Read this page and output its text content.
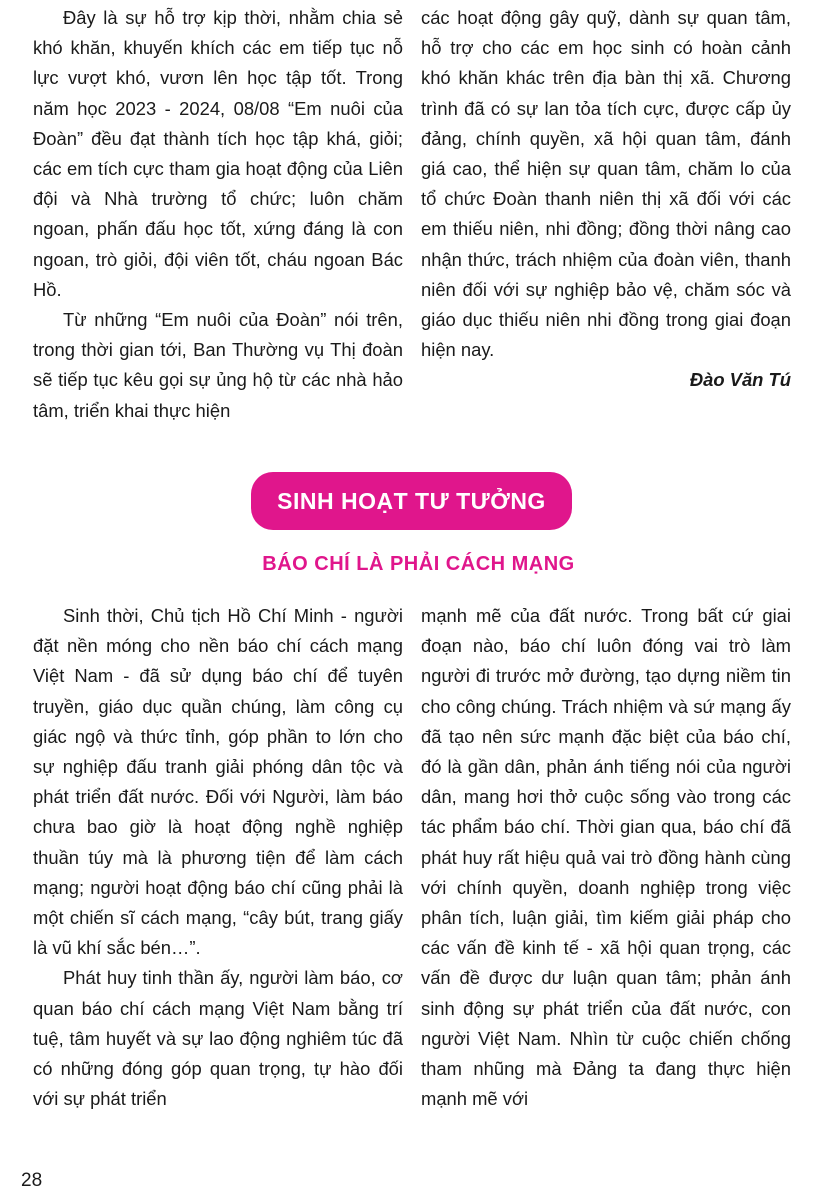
Đây là sự hỗ trợ kịp thời, nhằm chia sẻ khó khăn, khuyến khích các em tiếp tục nỗ lực vượt khó, vươn lên học tập tốt. Trong năm học 2023 - 2024, 08/08 “Em nuôi của Đoàn” đều đạt thành tích học tập khá, giỏi; các em tích cực tham gia hoạt động của Liên đội và Nhà trường tổ chức; luôn chăm ngoan, phấn đấu học tốt, xứng đáng là con ngoan, trò giỏi, đội viên tốt, cháu ngoan Bác Hồ.

Từ những “Em nuôi của Đoàn” nói trên, trong thời gian tới, Ban Thường vụ Thị đoàn sẽ tiếp tục kêu gọi sự ủng hộ từ các nhà hảo tâm, triển khai thực hiện

các hoạt động gây quỹ, dành sự quan tâm, hỗ trợ cho các em học sinh có hoàn cảnh khó khăn khác trên địa bàn thị xã. Chương trình đã có sự lan tỏa tích cực, được cấp ủy đảng, chính quyền, xã hội quan tâm, đánh giá cao, thể hiện sự quan tâm, chăm lo của tổ chức Đoàn thanh niên thị xã đối với các em thiếu niên, nhi đồng; đồng thời nâng cao nhận thức, trách nhiệm của đoàn viên, thanh niên đối với sự nghiệp bảo vệ, chăm sóc và giáo dục thiếu niên nhi đồng trong giai đoạn hiện nay.

Đào Văn Tú

SINH HOẠT TƯ TƯỞNG
BÁO CHÍ LÀ PHẢI CÁCH MẠNG

Sinh thời, Chủ tịch Hồ Chí Minh - người đặt nền móng cho nền báo chí cách mạng Việt Nam - đã sử dụng báo chí để tuyên truyền, giáo dục quần chúng, làm công cụ giác ngộ và thức tỉnh, góp phần to lớn cho sự nghiệp đấu tranh giải phóng dân tộc và phát triển đất nước. Đối với Người, làm báo chưa bao giờ là hoạt động nghề nghiệp thuần túy mà là phương tiện để làm cách mạng; người hoạt động báo chí cũng phải là một chiến sĩ cách mạng, “cây bút, trang giấy là vũ khí sắc bén…”.

Phát huy tinh thần ấy, người làm báo, cơ quan báo chí cách mạng Việt Nam bằng trí tuệ, tâm huyết và sự lao động nghiêm túc đã có những đóng góp quan trọng, tự hào đối với sự phát triển

mạnh mẽ của đất nước. Trong bất cứ giai đoạn nào, báo chí luôn đóng vai trò làm người đi trước mở đường, tạo dựng niềm tin cho công chúng. Trách nhiệm và sứ mạng ấy đã tạo nên sức mạnh đặc biệt của báo chí, đó là gần dân, phản ánh tiếng nói của người dân, mang hơi thở cuộc sống vào trong các tác phẩm báo chí. Thời gian qua, báo chí đã phát huy rất hiệu quả vai trò đồng hành cùng với chính quyền, doanh nghiệp trong việc phân tích, luận giải, tìm kiếm giải pháp cho các vấn đề kinh tế - xã hội quan trọng, các vấn đề được dư luận quan tâm; phản ánh sinh động sự phát triển của đất nước, con người Việt Nam. Nhìn từ cuộc chiến chống tham nhũng mà Đảng ta đang thực hiện mạnh mẽ với

28
